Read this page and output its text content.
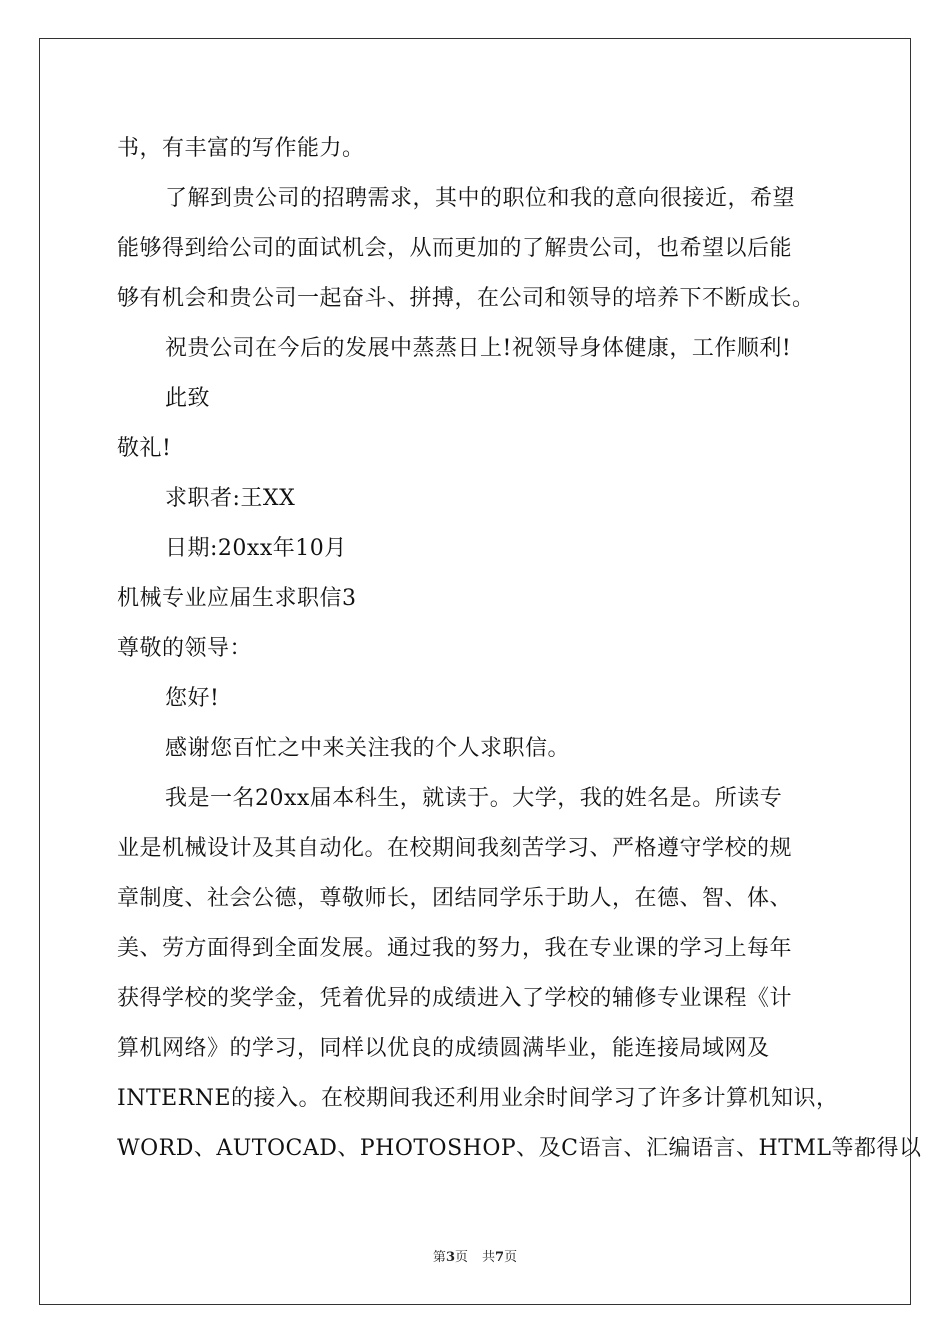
书，有丰富的写作能力。
了解到贵公司的招聘需求，其中的职位和我的意向很接近，希望
能够得到给公司的面试机会，从而更加的了解贵公司，也希望以后能
够有机会和贵公司一起奋斗、拼搏，在公司和领导的培养下不断成长。
祝贵公司在今后的发展中蒸蒸日上!祝领导身体健康，工作顺利!
此致
敬礼!
求职者:王XX
日期:20xx年10月
机械专业应届生求职信3
尊敬的领导：
您好!
感谢您百忙之中来关注我的个人求职信。
我是一名20xx届本科生，就读于。大学，我的姓名是。所读专
业是机械设计及其自动化。在校期间我刻苦学习、严格遵守学校的规
章制度、社会公德，尊敬师长，团结同学乐于助人，在德、智、体、
美、劳方面得到全面发展。通过我的努力，我在专业课的学习上每年
获得学校的奖学金，凭着优异的成绩进入了学校的辅修专业课程《计
算机网络》的学习，同样以优良的成绩圆满毕业，能连接局域网及
INTERNE的接入。在校期间我还利用业余时间学习了许多计算机知识，
WORD、AUTOCAD、PHOTOSHOP、及C语言、汇编语言、HTML等都得以
第3页 共7页
